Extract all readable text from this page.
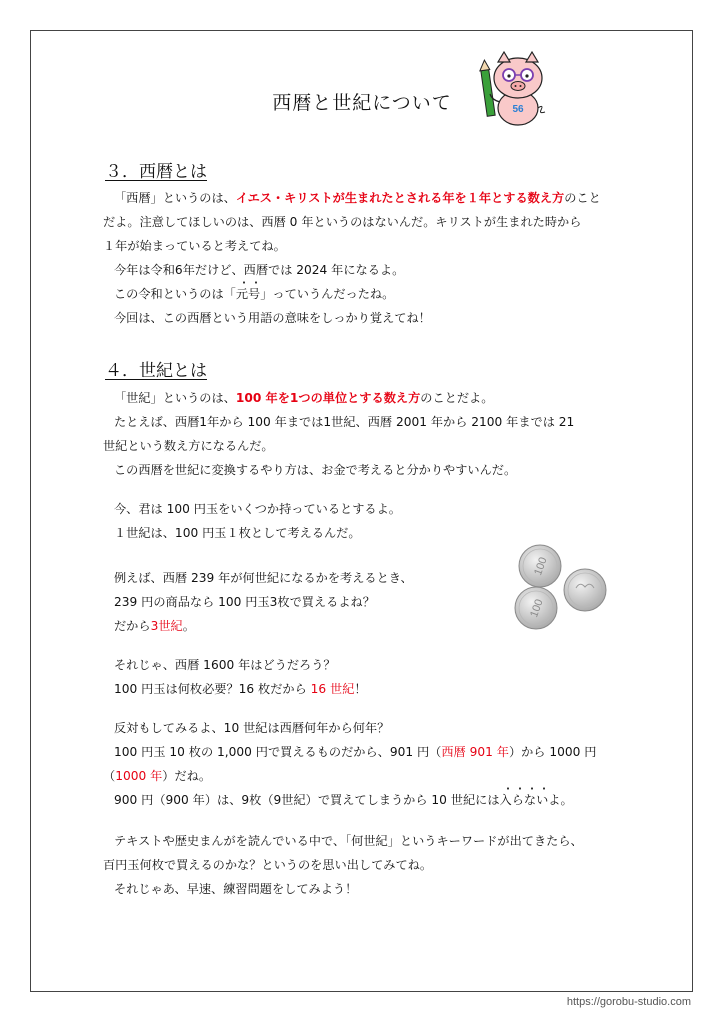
西暦と世紀について	56
３．西暦とは
「西暦」というのは、イエス・キリストが生まれたとされる年を１年とする数え方のこと
だよ。注意してほしいのは、西暦 0 年というのはないんだ。キリストが生まれた時から
１年が始まっていると考えてね。
今年は令和6年だけど、西暦では 2024 年になるよ。
この令和というのは「元号」っていうんだったね。
今回は、この西暦という用語の意味をしっかり覚えてね！
４．世紀とは
「世紀」というのは、100 年を1つの単位とする数え方のことだよ。
たとえば、西暦1年から 100 年までは1世紀、西暦 2001 年から 2100 年までは 21
世紀という数え方になるんだ。
この西暦を世紀に変換するやり方は、お金で考えると分かりやすいんだ。
今、君は 100 円玉をいくつか持っているとするよ。
１世紀は、100 円玉１枚として考えるんだ。
例えば、西暦 239 年が何世紀になるかを考えるとき、
239 円の商品なら 100 円玉3枚で買えるよね？
だから3世紀。
それじゃ、西暦 1600 年はどうだろう？
100 円玉は何枚必要？16 枚だから 16 世紀！
反対もしてみるよ、10 世紀は西暦何年から何年？
100 円玉 10 枚の 1,000 円で買えるものだから、901 円（西暦 901 年）から 1000 円
（1000 年）だね。
900 円（900 年）は、9枚（9世紀）で買えてしまうから 10 世紀には入らないよ。
テキストや歴史まんがを読んでいる中で、「何世紀」というキーワードが出てきたら、
百円玉何枚で買えるのかな？というのを思い出してみてね。
それじゃあ、早速、練習問題をしてみよう！
100
100
https://gorobu-studio.com
